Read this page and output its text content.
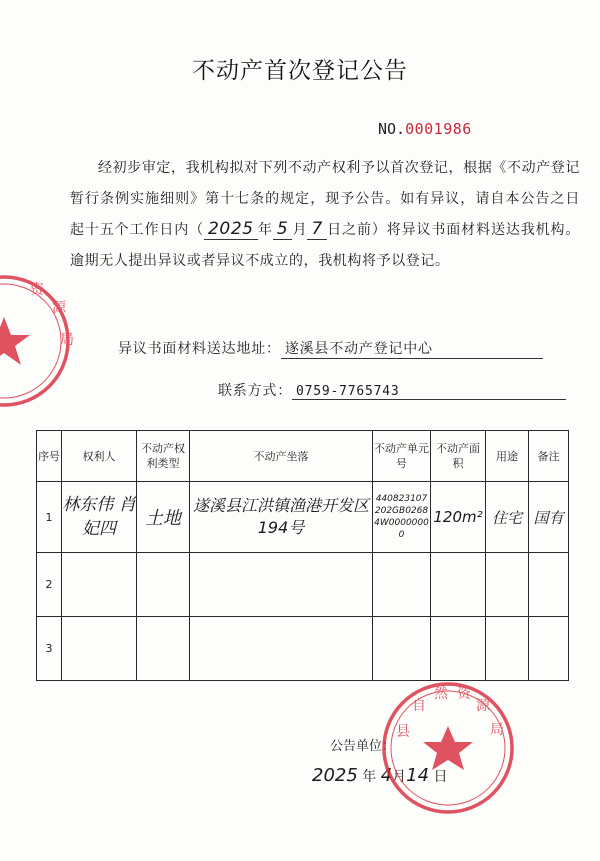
不动产首次登记公告
NO.0001986
经初步审定，我机构拟对下列不动产权利予以首次登记，根据《不动产登记暂行条例实施细则》第十七条的规定，现予公告。如有异议，请自本公告之日起十五个工作日内（ 2025 年 5 月 7 日之前）将异议书面材料送达我机构。逾期无人提出异议或者异议不成立的，我机构将予以登记。
异议书面材料送达地址： 遂溪县不动产登记中心
联系方式： 0759-7765743
序号	权利人	不动产权利类型	不动产坐落	不动产单元号	不动产面积	用途	备注
1	林东伟 肖妃四	土地	遂溪县江洪镇渔港开发区194号	440823107202GB02684W00000000	120m²	住宅	国有
2							
3							
源
局
资
公告单位：
2025 年 4月14 日
县
自
然 资
源
局
